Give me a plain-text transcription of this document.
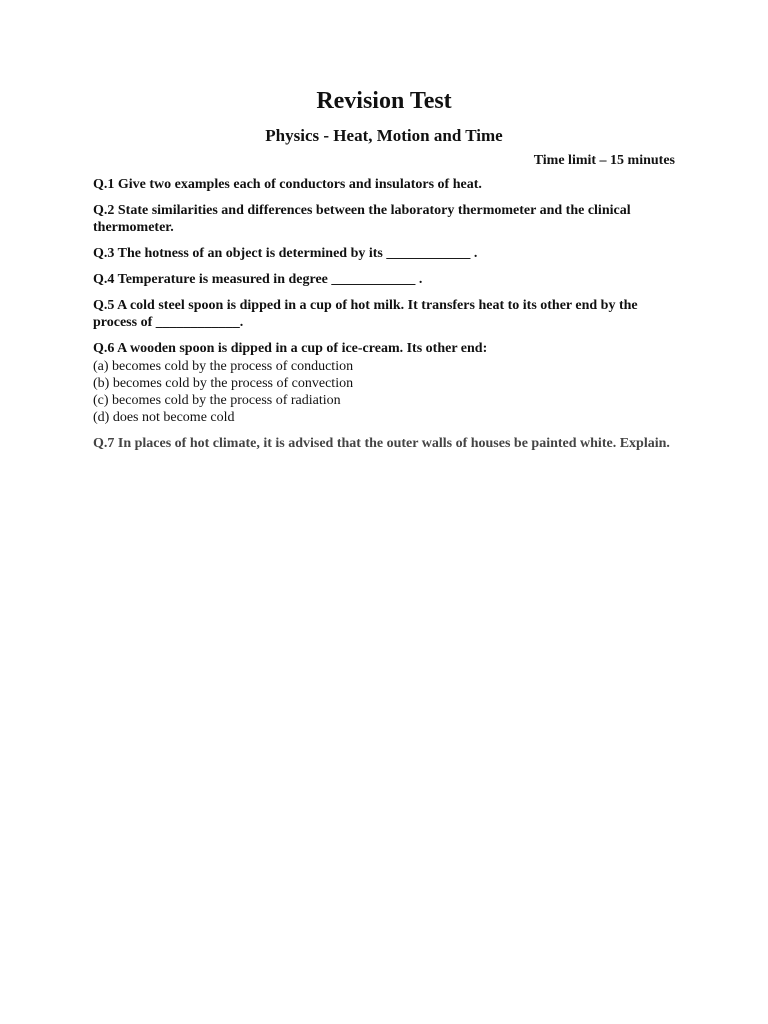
Revision Test
Physics - Heat, Motion and Time
Time limit – 15 minutes
Q.1 Give two examples each of conductors and insulators of heat.
Q.2 State similarities and differences between the laboratory thermometer and the clinical thermometer.
Q.3 The hotness of an object is determined by its ____________ .
Q.4 Temperature is measured in degree ____________ .
Q.5 A cold steel spoon is dipped in a cup of hot milk. It transfers heat to its other end by the process of ____________.
Q.6 A wooden spoon is dipped in a cup of ice-cream. Its other end:
(a) becomes cold by the process of conduction
(b) becomes cold by the process of convection
(c) becomes cold by the process of radiation
(d) does not become cold
Q.7 In places of hot climate, it is advised that the outer walls of houses be painted white. Explain.
